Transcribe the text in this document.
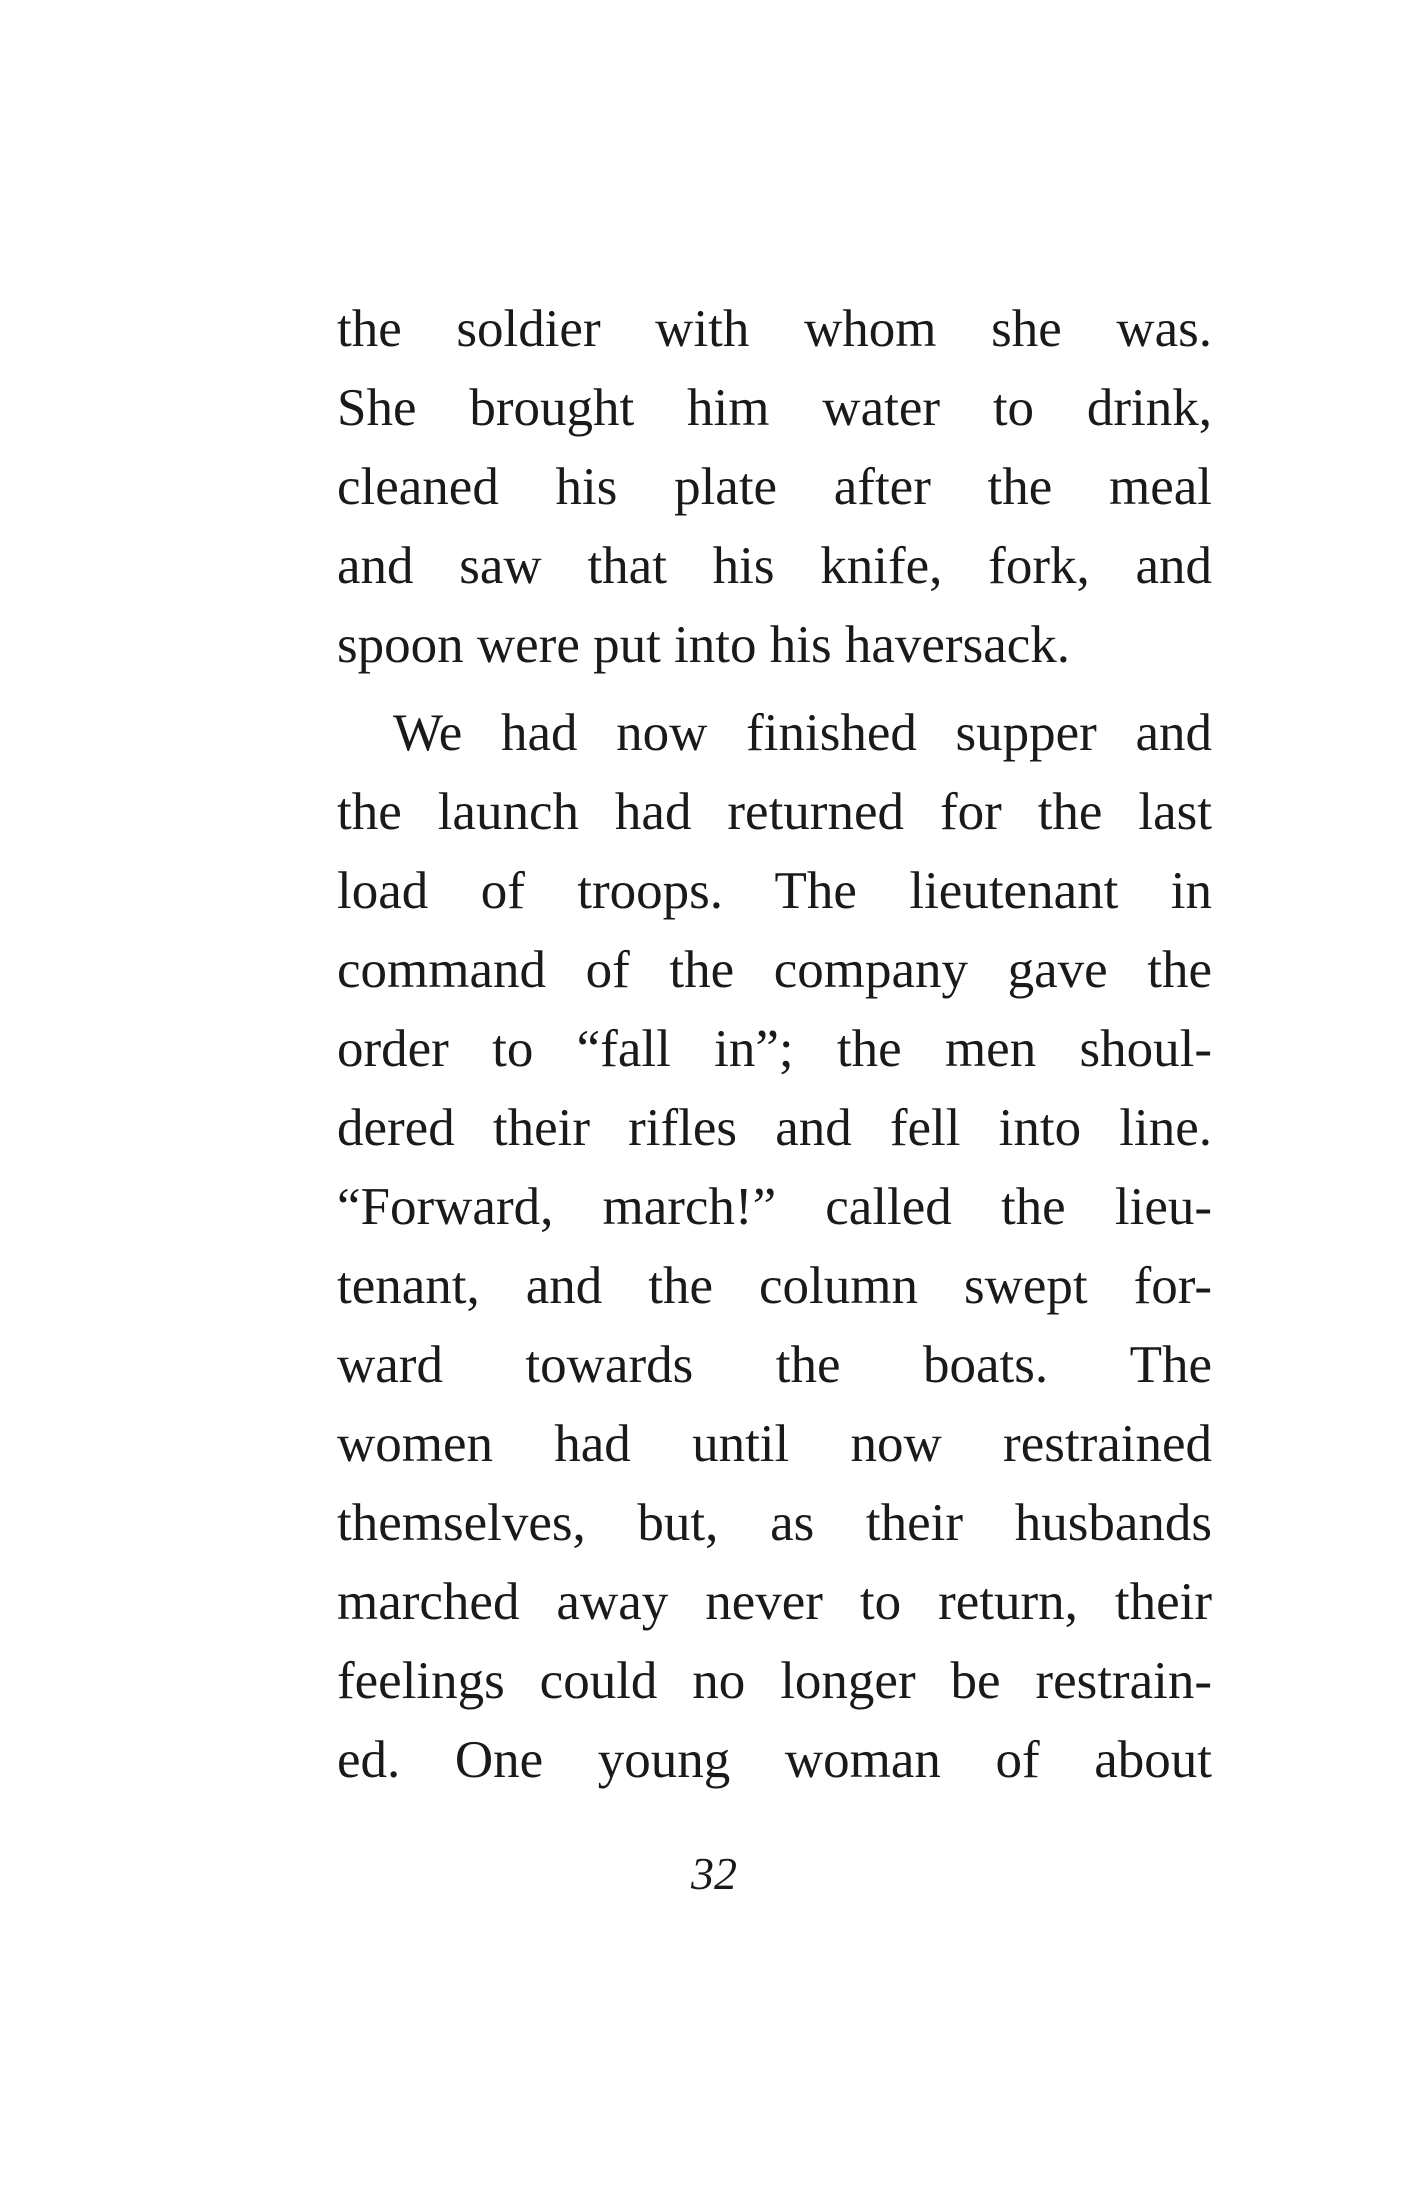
the soldier with whom she was.
She brought him water to drink,
cleaned his plate after the meal
and saw that his knife, fork, and
spoon were put into his haversack.
We had now finished supper and
the launch had returned for the last
load of troops. The lieutenant in
command of the company gave the
order to “fall in”; the men shoul-
dered their rifles and fell into line.
“Forward, march!” called the lieu-
tenant, and the column swept for-
ward towards the boats. The
women had until now restrained
themselves, but, as their husbands
marched away never to return, their
feelings could no longer be restrain-
ed. One young woman of about
32
